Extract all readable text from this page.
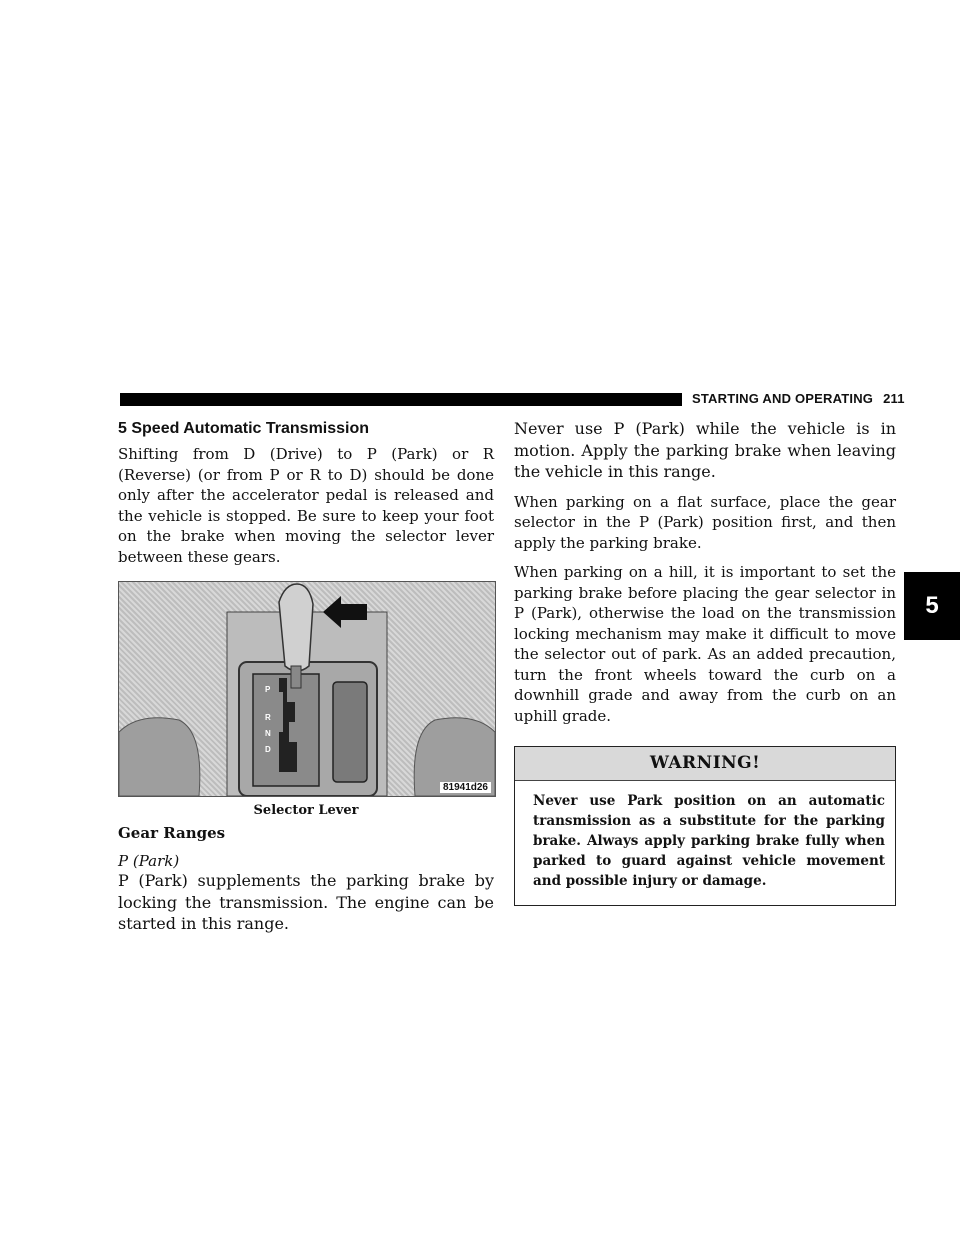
STARTING AND OPERATING 211
5
5 Speed Automatic Transmission

Shifting from D (Drive) to P (Park) or R (Reverse) (or from P or R to D) should be done only after the accelerator pedal is released and the vehicle is stopped. Be sure to keep your foot on the brake when moving the selector lever between these gears.

P
R
N
D
81941d26
Selector Lever
Gear Ranges
P (Park)

P (Park) supplements the parking brake by locking the transmission. The engine can be started in this range.

Never use P (Park) while the vehicle is in motion. Apply the parking brake when leaving the vehicle in this range.

When parking on a flat surface, place the gear selector in the P (Park) position first, and then apply the parking brake.

When parking on a hill, it is important to set the parking brake before placing the gear selector in P (Park), otherwise the load on the transmission locking mechanism may make it difficult to move the selector out of park. As an added precaution, turn the front wheels toward the curb on a downhill grade and away from the curb on an uphill grade.

WARNING!
Never use Park position on an automatic transmission as a substitute for the parking brake. Always apply parking brake fully when parked to guard against vehicle movement and possible injury or damage.
